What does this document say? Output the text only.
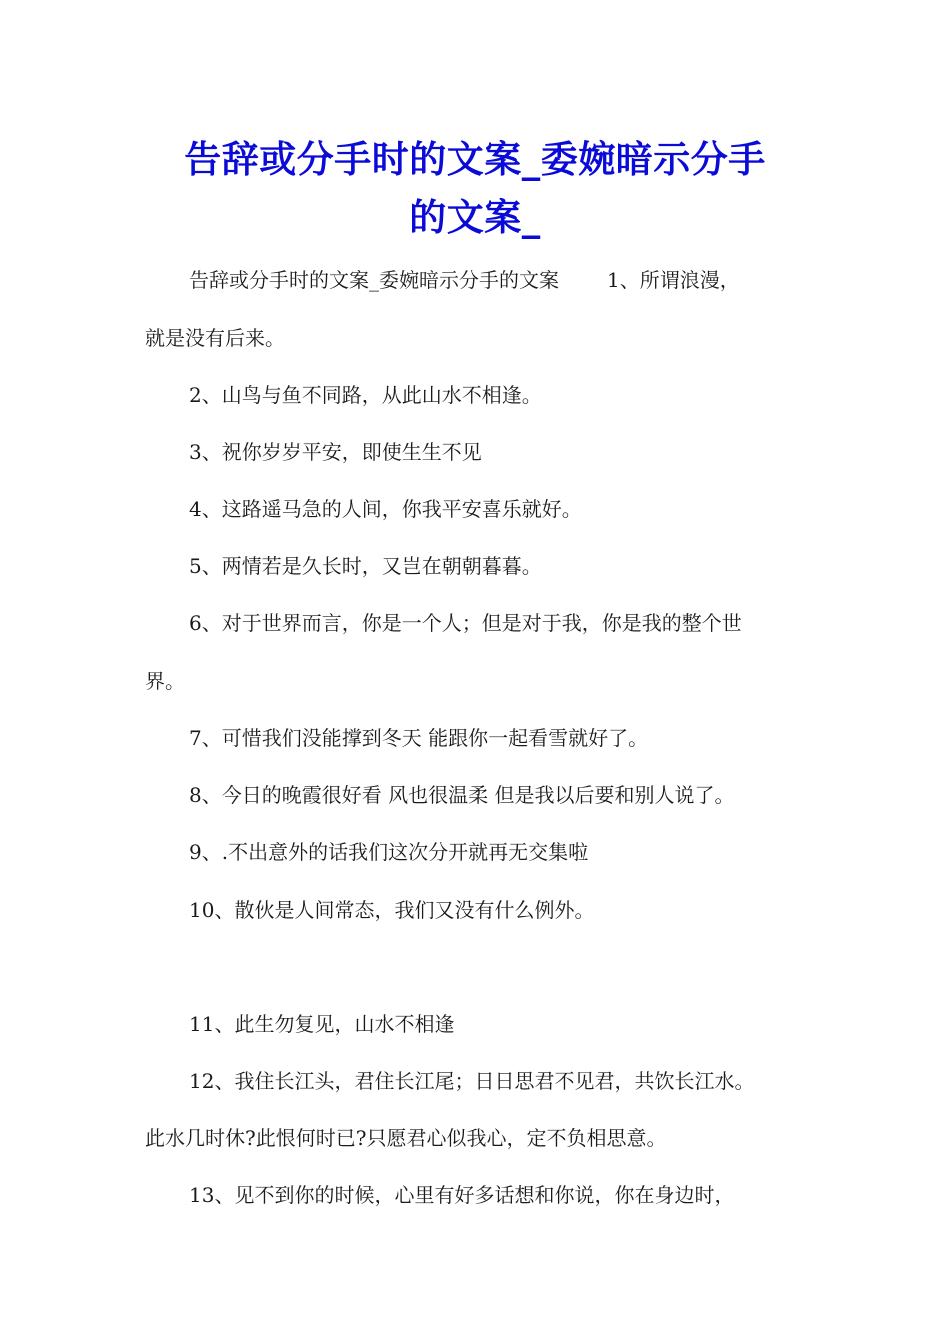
告辞或分手时的文案_委婉暗示分手
的文案_
告辞或分手时的文案_委婉暗示分手的文案 1、所谓浪漫，
就是没有后来。
2、山鸟与鱼不同路，从此山水不相逢。
3、祝你岁岁平安，即使生生不见
4、这路遥马急的人间，你我平安喜乐就好。
5、两情若是久长时，又岂在朝朝暮暮。
6、对于世界而言，你是一个人；但是对于我，你是我的整个世
界。
7、可惜我们没能撑到冬天 能跟你一起看雪就好了。
8、今日的晚霞很好看 风也很温柔 但是我以后要和别人说了。
9、.不出意外的话我们这次分开就再无交集啦
10、散伙是人间常态，我们又没有什么例外。
11、此生勿复见，山水不相逢
12、我住长江头，君住长江尾；日日思君不见君，共饮长江水。
此水几时休?此恨何时已?只愿君心似我心，定不负相思意。
13、见不到你的时候，心里有好多话想和你说，你在身边时，
